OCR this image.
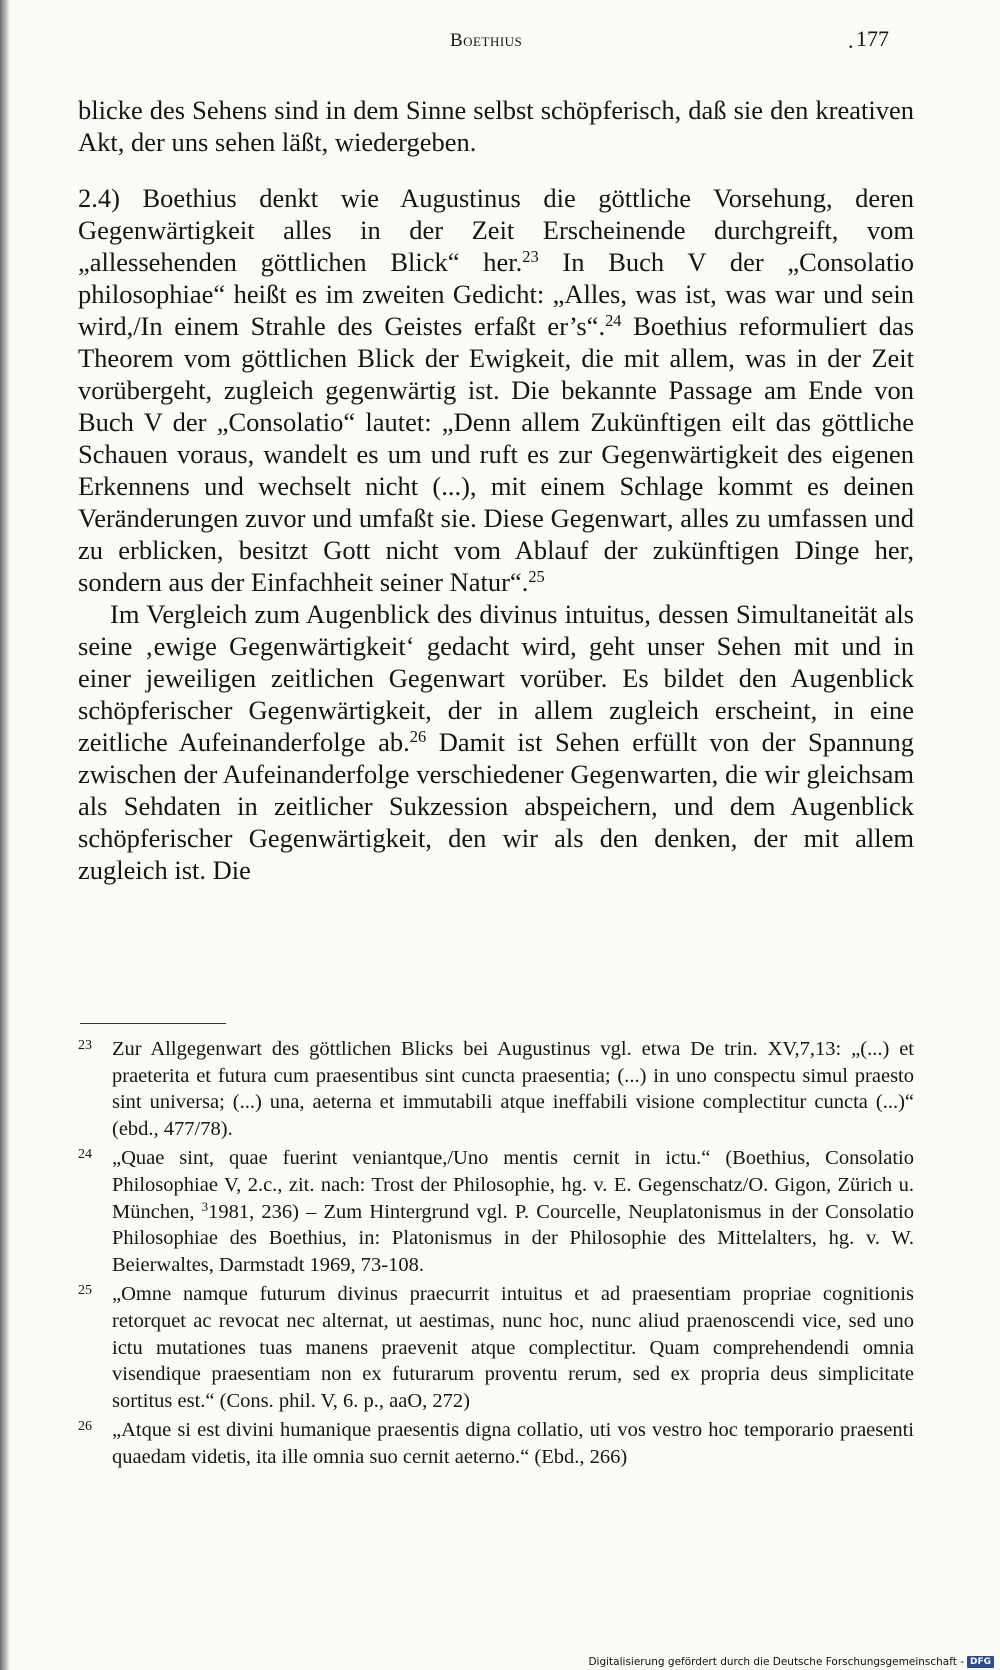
Boethius	. 177

blicke des Sehens sind in dem Sinne selbst schöpferisch, daß sie den kreativen Akt, der uns sehen läßt, wiedergeben.

2.4) Boethius denkt wie Augustinus die göttliche Vorsehung, deren Gegenwärtigkeit alles in der Zeit Erscheinende durchgreift, vom „allessehenden göttlichen Blick“ her.$^{23}$ In Buch V der „Consolatio philosophiae“ heißt es im zweiten Gedicht: „Alles, was ist, was war und sein wird,/In einem Strahle des Geistes erfaßt er’s“.$^{24}$ Boethius reformuliert das Theorem vom göttlichen Blick der Ewigkeit, die mit allem, was in der Zeit vorübergeht, zugleich gegenwärtig ist. Die bekannte Passage am Ende von Buch V der „Consolatio“ lautet: „Denn allem Zukünftigen eilt das göttliche Schauen voraus, wandelt es um und ruft es zur Gegenwärtigkeit des eigenen Erkennens und wechselt nicht (...), mit einem Schlage kommt es deinen Veränderungen zuvor und umfaßt sie. Diese Gegenwart, alles zu umfassen und zu erblicken, besitzt Gott nicht vom Ablauf der zukünftigen Dinge her, sondern aus der Einfachheit seiner Natur“.$^{25}$

Im Vergleich zum Augenblick des divinus intuitus, dessen Simultaneität als seine ‚ewige Gegenwärtigkeit‘ gedacht wird, geht unser Sehen mit und in einer jeweiligen zeitlichen Gegenwart vorüber. Es bildet den Augenblick schöpferischer Gegenwärtigkeit, der in allem zugleich erscheint, in eine zeitliche Aufeinanderfolge ab.$^{26}$ Damit ist Sehen erfüllt von der Spannung zwischen der Aufeinanderfolge verschiedener Gegenwarten, die wir gleichsam als Sehdaten in zeitlicher Sukzession abspeichern, und dem Augenblick schöpferischer Gegenwärtigkeit, den wir als den denken, der mit allem zugleich ist. Die

23 Zur Allgegenwart des göttlichen Blicks bei Augustinus vgl. etwa De trin. XV,7,13: „(...) et praeterita et futura cum praesentibus sint cuncta praesentia; (...) in uno conspectu simul praesto sint universa; (...) una, aeterna et immutabili atque ineffabili visione complectitur cuncta (...)“ (ebd., 477/78).
24 „Quae sint, quae fuerint veniantque,/Uno mentis cernit in ictu.“ (Boethius, Consolatio Philosophiae V, 2.c., zit. nach: Trost der Philosophie, hg. v. E. Gegenschatz/O. Gigon, Zürich u. München, $^3$1981, 236) – Zum Hintergrund vgl. P. Courcelle, Neuplatonismus in der Consolatio Philosophiae des Boethius, in: Platonismus in der Philosophie des Mittelalters, hg. v. W. Beierwaltes, Darmstadt 1969, 73-108.
25 „Omne namque futurum divinus praecurrit intuitus et ad praesentiam propriae cognitionis retorquet ac revocat nec alternat, ut aestimas, nunc hoc, nunc aliud praenoscendi vice, sed uno ictu mutationes tuas manens praevenit atque complectitur. Quam comprehendendi omnia visendique praesentiam non ex futurarum proventu rerum, sed ex propria deus simplicitate sortitus est.“ (Cons. phil. V, 6. p., aaO, 272)
26 „Atque si est divini humanique praesentis digna collatio, uti vos vestro hoc temporario praesenti quaedam videtis, ita ille omnia suo cernit aeterno.“ (Ebd., 266)
Digitalisierung gefördert durch die Deutsche Forschungsgemeinschaft - DFG
